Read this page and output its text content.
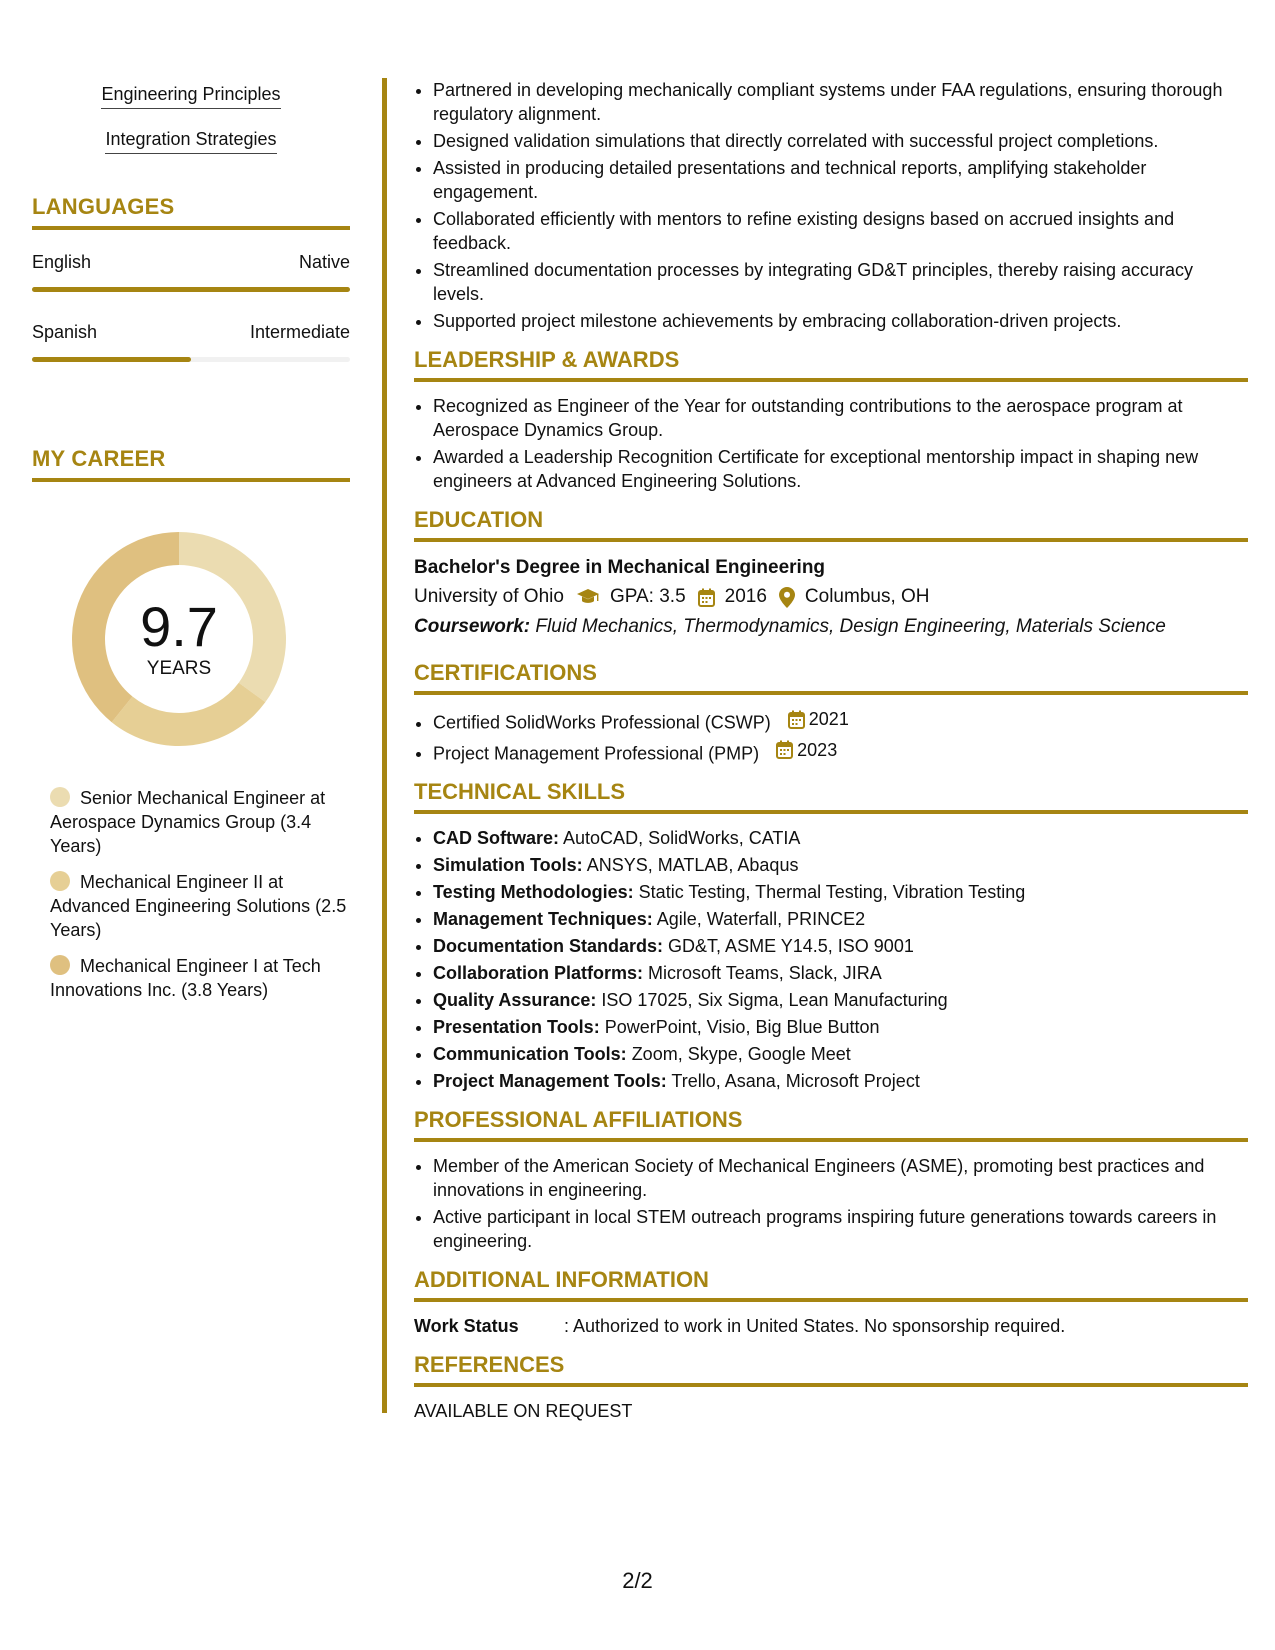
Engineering Principles
Integration Strategies
LANGUAGES
English	Native
Spanish	Intermediate
MY CAREER
9.7
YEARS
Senior Mechanical Engineer at Aerospace Dynamics Group (3.4 Years)
Mechanical Engineer II at Advanced Engineering Solutions (2.5 Years)
Mechanical Engineer I at Tech Innovations Inc. (3.8 Years)
• Partnered in developing mechanically compliant systems under FAA regulations, ensuring thorough regulatory alignment.
• Designed validation simulations that directly correlated with successful project completions.
• Assisted in producing detailed presentations and technical reports, amplifying stakeholder engagement.
• Collaborated efficiently with mentors to refine existing designs based on accrued insights and feedback.
• Streamlined documentation processes by integrating GD&T principles, thereby raising accuracy levels.
• Supported project milestone achievements by embracing collaboration-driven projects.
LEADERSHIP & AWARDS
• Recognized as Engineer of the Year for outstanding contributions to the aerospace program at Aerospace Dynamics Group.
• Awarded a Leadership Recognition Certificate for exceptional mentorship impact in shaping new engineers at Advanced Engineering Solutions.
EDUCATION
Bachelor's Degree in Mechanical Engineering
University of Ohio GPA: 3.5 2016 Columbus, OH
Coursework: Fluid Mechanics, Thermodynamics, Design Engineering, Materials Science
CERTIFICATIONS
• Certified SolidWorks Professional (CSWP) 2021
• Project Management Professional (PMP) 2023
TECHNICAL SKILLS
• CAD Software: AutoCAD, SolidWorks, CATIA
• Simulation Tools: ANSYS, MATLAB, Abaqus
• Testing Methodologies: Static Testing, Thermal Testing, Vibration Testing
• Management Techniques: Agile, Waterfall, PRINCE2
• Documentation Standards: GD&T, ASME Y14.5, ISO 9001
• Collaboration Platforms: Microsoft Teams, Slack, JIRA
• Quality Assurance: ISO 17025, Six Sigma, Lean Manufacturing
• Presentation Tools: PowerPoint, Visio, Big Blue Button
• Communication Tools: Zoom, Skype, Google Meet
• Project Management Tools: Trello, Asana, Microsoft Project
PROFESSIONAL AFFILIATIONS
• Member of the American Society of Mechanical Engineers (ASME), promoting best practices and innovations in engineering.
• Active participant in local STEM outreach programs inspiring future generations towards careers in engineering.
ADDITIONAL INFORMATION
Work Status	: Authorized to work in United States. No sponsorship required.
REFERENCES
AVAILABLE ON REQUEST
2/2
